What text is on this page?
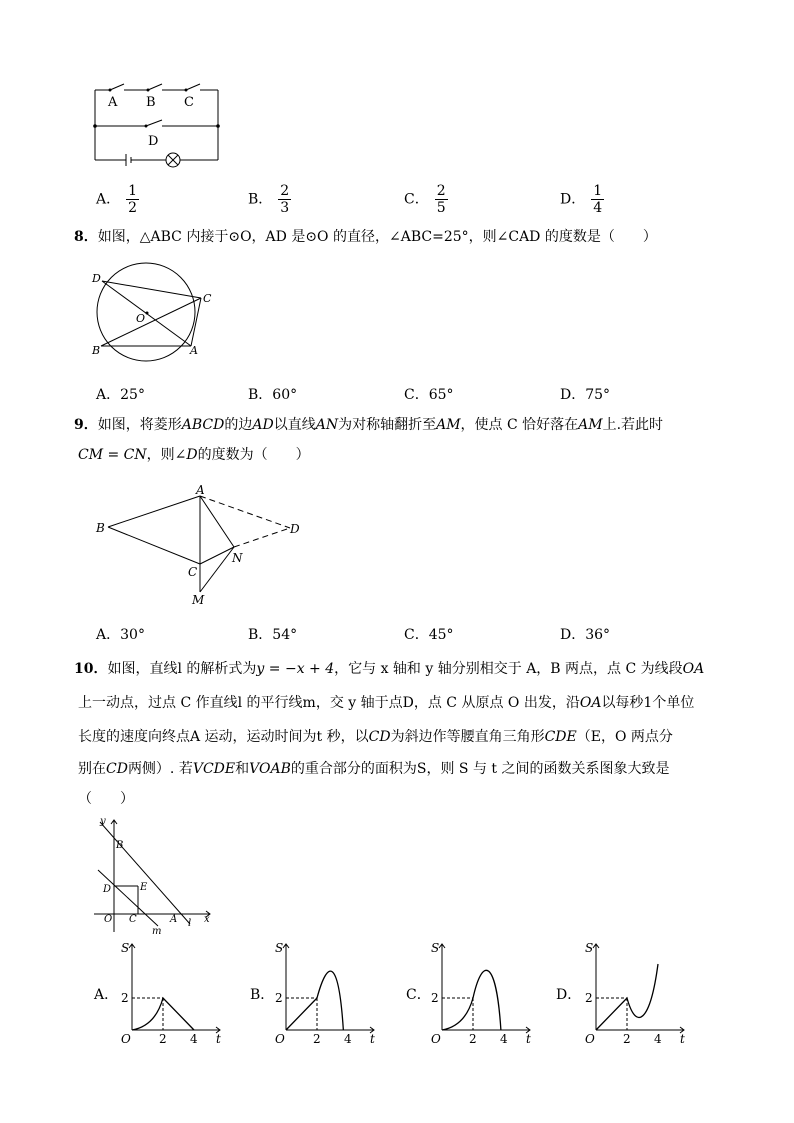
A B C
D
A． $\frac{1}{2}$	B． $\frac{2}{3}$	C． $\frac{2}{5}$	D． $\frac{1}{4}$
8．如图，△ABC 内接于⊙O，AD 是⊙O 的直径，∠ABC=25°，则∠CAD 的度数是（　　）
D
C
O
B	A
A．25°	B．60°	C．65°	D．75°
9．如图，将菱形ABCD的边AD以直线AN为对称轴翻折至AM，使点 C 恰好落在AM上.若此时
CM = CN，则∠D的度数为（　　）
A
B
C
D
N
M
A．30°	B．54°	C．45°	D．36°
10．如图，直线l 的解析式为y = −x + 4，它与 x 轴和 y 轴分别相交于 A，B 两点，点 C 为线段OA
上一动点，过点 C 作直线l 的平行线m，交 y 轴于点D，点 C 从原点 O 出发，沿OA以每秒1个单位
长度的速度向终点A 运动，运动时间为t 秒，以CD为斜边作等腰直角三角形CDE（E，O 两点分
别在CD两侧）. 若VCDE和VOAB的重合部分的面积为S，则 S 与 t 之间的函数关系图象大致是
（　　）
y
B
D	E
O C	A l x
m
A．	B．	C．	D．
S
t
O
2
2 4
S
t
O
2
2 4
S
t
O
2
2 4
S
t
O
2
2 4
